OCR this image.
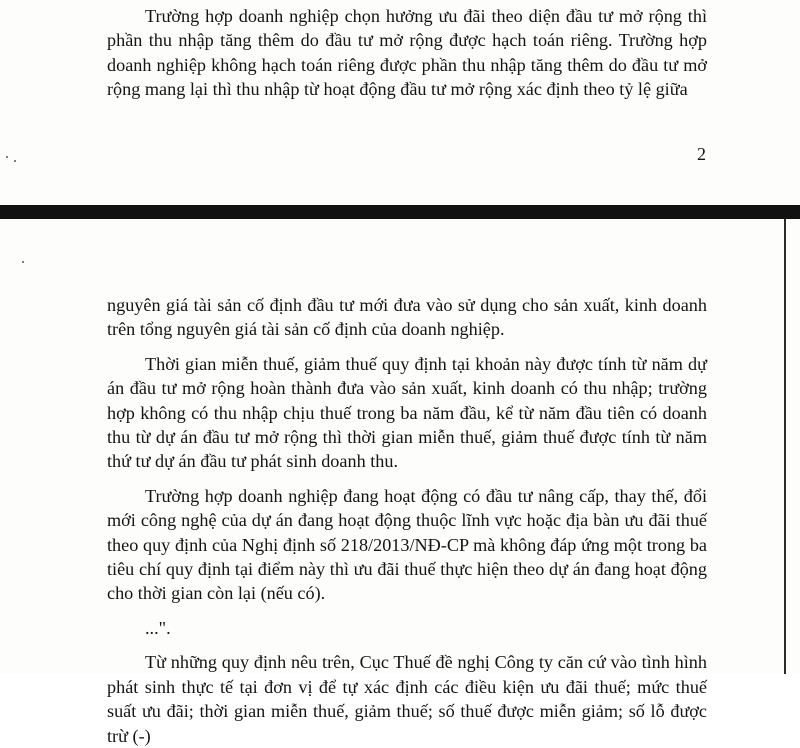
Trường hợp doanh nghiệp chọn hưởng ưu đãi theo diện đầu tư mở rộng thì phần thu nhập tăng thêm do đầu tư mở rộng được hạch toán riêng. Trường hợp doanh nghiệp không hạch toán riêng được phần thu nhập tăng thêm do đầu tư mở rộng mang lại thì thu nhập từ hoạt động đầu tư mở rộng xác định theo tỷ lệ giữa

2

nguyên giá tài sản cố định đầu tư mới đưa vào sử dụng cho sản xuất, kinh doanh trên tổng nguyên giá tài sản cố định của doanh nghiệp.

Thời gian miễn thuế, giảm thuế quy định tại khoản này được tính từ năm dự án đầu tư mở rộng hoàn thành đưa vào sản xuất, kinh doanh có thu nhập; trường hợp không có thu nhập chịu thuế trong ba năm đầu, kể từ năm đầu tiên có doanh thu từ dự án đầu tư mở rộng thì thời gian miễn thuế, giảm thuế được tính từ năm thứ tư dự án đầu tư phát sinh doanh thu.

Trường hợp doanh nghiệp đang hoạt động có đầu tư nâng cấp, thay thế, đổi mới công nghệ của dự án đang hoạt động thuộc lĩnh vực hoặc địa bàn ưu đãi thuế theo quy định của Nghị định số 218/2013/NĐ-CP mà không đáp ứng một trong ba tiêu chí quy định tại điểm này thì ưu đãi thuế thực hiện theo dự án đang hoạt động cho thời gian còn lại (nếu có).

...".

Từ những quy định nêu trên, Cục Thuế đề nghị Công ty căn cứ vào tình hình phát sinh thực tế tại đơn vị để tự xác định các điều kiện ưu đãi thuế; mức thuế suất ưu đãi; thời gian miễn thuế, giảm thuế; số thuế được miễn giảm; số lỗ được trừ (-)
